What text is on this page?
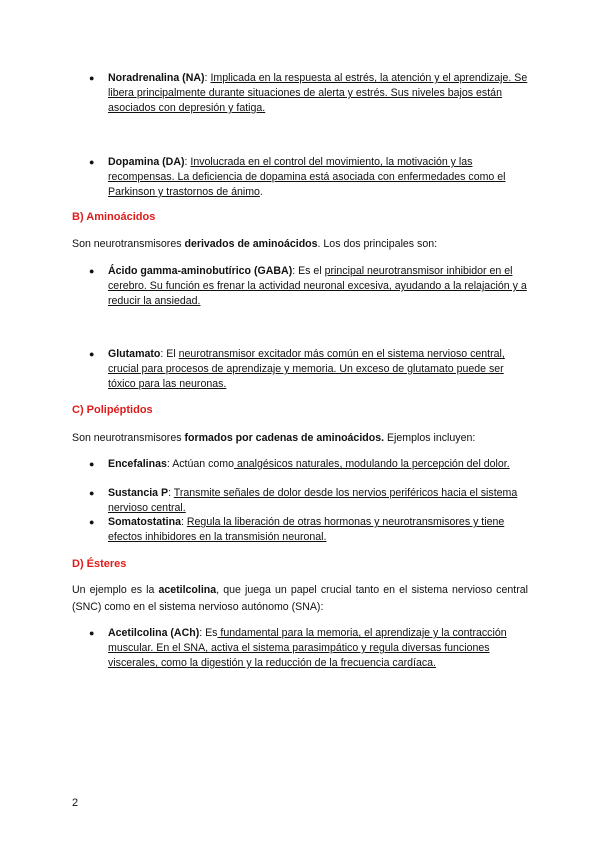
●	Noradrenalina (NA): Implicada en la respuesta al estrés, la atención y el aprendizaje. Se libera principalmente durante situaciones de alerta y estrés. Sus niveles bajos están asociados con depresión y fatiga.
●	Dopamina (DA): Involucrada en el control del movimiento, la motivación y las recompensas. La deficiencia de dopamina está asociada con enfermedades como el Parkinson y trastornos de ánimo.
B) Aminoácidos
Son neurotransmisores derivados de aminoácidos. Los dos principales son:
●	Ácido gamma-aminobutírico (GABA): Es el principal neurotransmisor inhibidor en el cerebro. Su función es frenar la actividad neuronal excesiva, ayudando a la relajación y a reducir la ansiedad.
●	Glutamato: El neurotransmisor excitador más común en el sistema nervioso central, crucial para procesos de aprendizaje y memoria. Un exceso de glutamato puede ser tóxico para las neuronas.
C) Polipéptidos
Son neurotransmisores formados por cadenas de aminoácidos. Ejemplos incluyen:
●	Encefalinas: Actúan como analgésicos naturales, modulando la percepción del dolor.
●	Sustancia P: Transmite señales de dolor desde los nervios periféricos hacia el sistema nervioso central.
●	Somatostatina: Regula la liberación de otras hormonas y neurotransmisores y tiene efectos inhibidores en la transmisión neuronal.
D) Ésteres
Un ejemplo es la acetilcolina, que juega un papel crucial tanto en el sistema nervioso central (SNC) como en el sistema nervioso autónomo (SNA):
●	Acetilcolina (ACh): Es fundamental para la memoria, el aprendizaje y la contracción muscular. En el SNA, activa el sistema parasimpático y regula diversas funciones viscerales, como la digestión y la reducción de la frecuencia cardíaca.
2
